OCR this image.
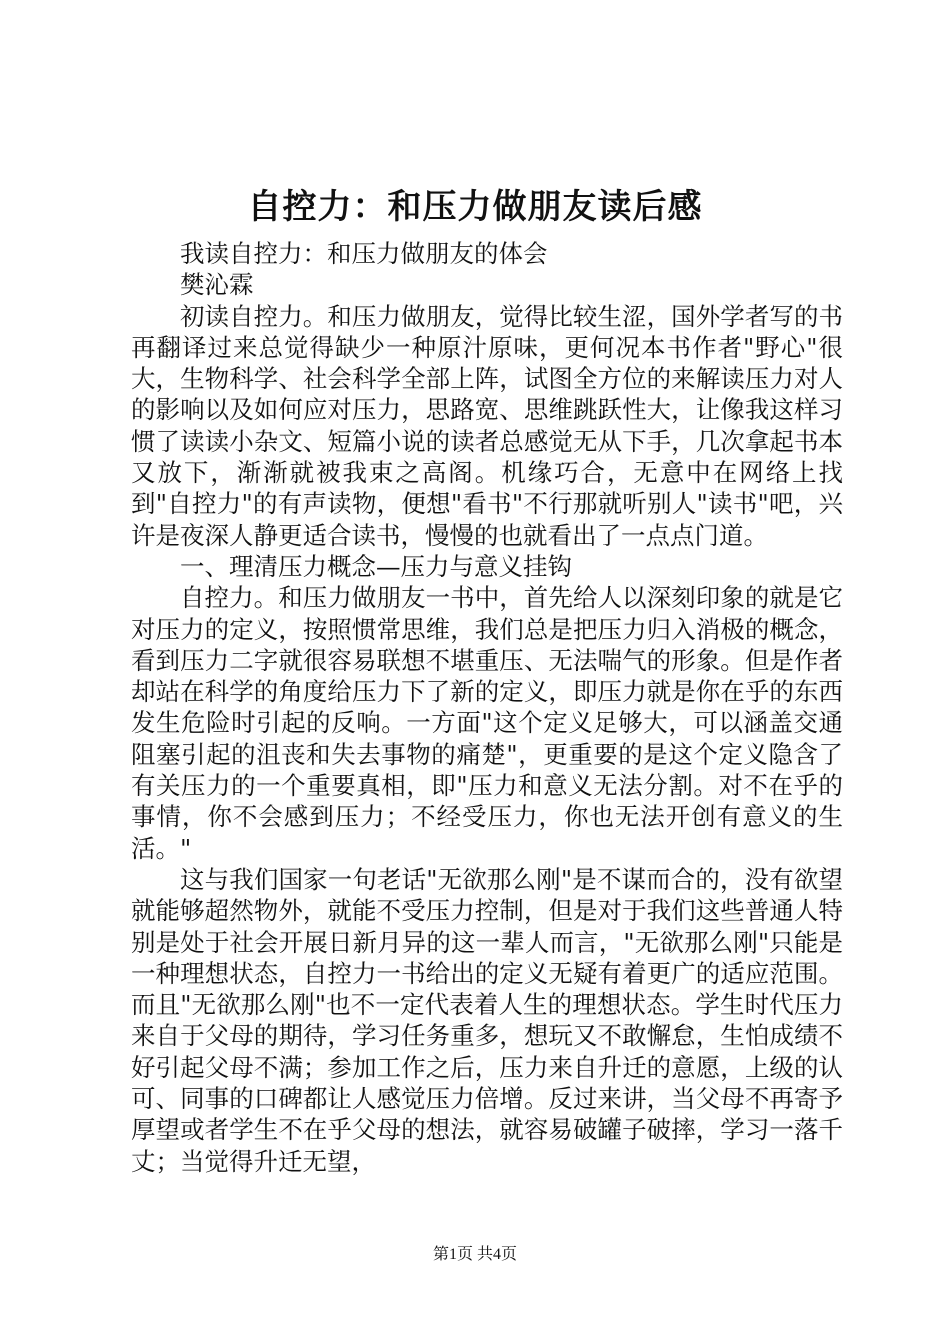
自控力：和压力做朋友读后感

我读自控力：和压力做朋友的体会

樊沁霖

初读自控力。和压力做朋友，觉得比较生涩，国外学者写的书再翻译过来总觉得缺少一种原汁原味，更何况本书作者"野心"很大，生物科学、社会科学全部上阵，试图全方位的来解读压力对人的影响以及如何应对压力，思路宽、思维跳跃性大，让像我这样习惯了读读小杂文、短篇小说的读者总感觉无从下手，几次拿起书本又放下，渐渐就被我束之高阁。机缘巧合，无意中在网络上找到"自控力"的有声读物，便想"看书"不行那就听别人"读书"吧，兴许是夜深人静更适合读书，慢慢的也就看出了一点点门道。

一、理清压力概念—压力与意义挂钩

自控力。和压力做朋友一书中，首先给人以深刻印象的就是它对压力的定义，按照惯常思维，我们总是把压力归入消极的概念，看到压力二字就很容易联想不堪重压、无法喘气的形象。但是作者却站在科学的角度给压力下了新的定义，即压力就是你在乎的东西发生危险时引起的反响。一方面"这个定义足够大，可以涵盖交通阻塞引起的沮丧和失去事物的痛楚"，更重要的是这个定义隐含了有关压力的一个重要真相，即"压力和意义无法分割。对不在乎的事情，你不会感到压力；不经受压力，你也无法开创有意义的生活。"

这与我们国家一句老话"无欲那么刚"是不谋而合的，没有欲望就能够超然物外，就能不受压力控制，但是对于我们这些普通人特别是处于社会开展日新月异的这一辈人而言，"无欲那么刚"只能是一种理想状态，自控力一书给出的定义无疑有着更广的适应范围。而且"无欲那么刚"也不一定代表着人生的理想状态。学生时代压力来自于父母的期待，学习任务重多，想玩又不敢懈怠，生怕成绩不好引起父母不满；参加工作之后，压力来自升迁的意愿，上级的认可、同事的口碑都让人感觉压力倍增。反过来讲，当父母不再寄予厚望或者学生不在乎父母的想法，就容易破罐子破摔，学习一落千丈；当觉得升迁无望，

第1页 共4页
